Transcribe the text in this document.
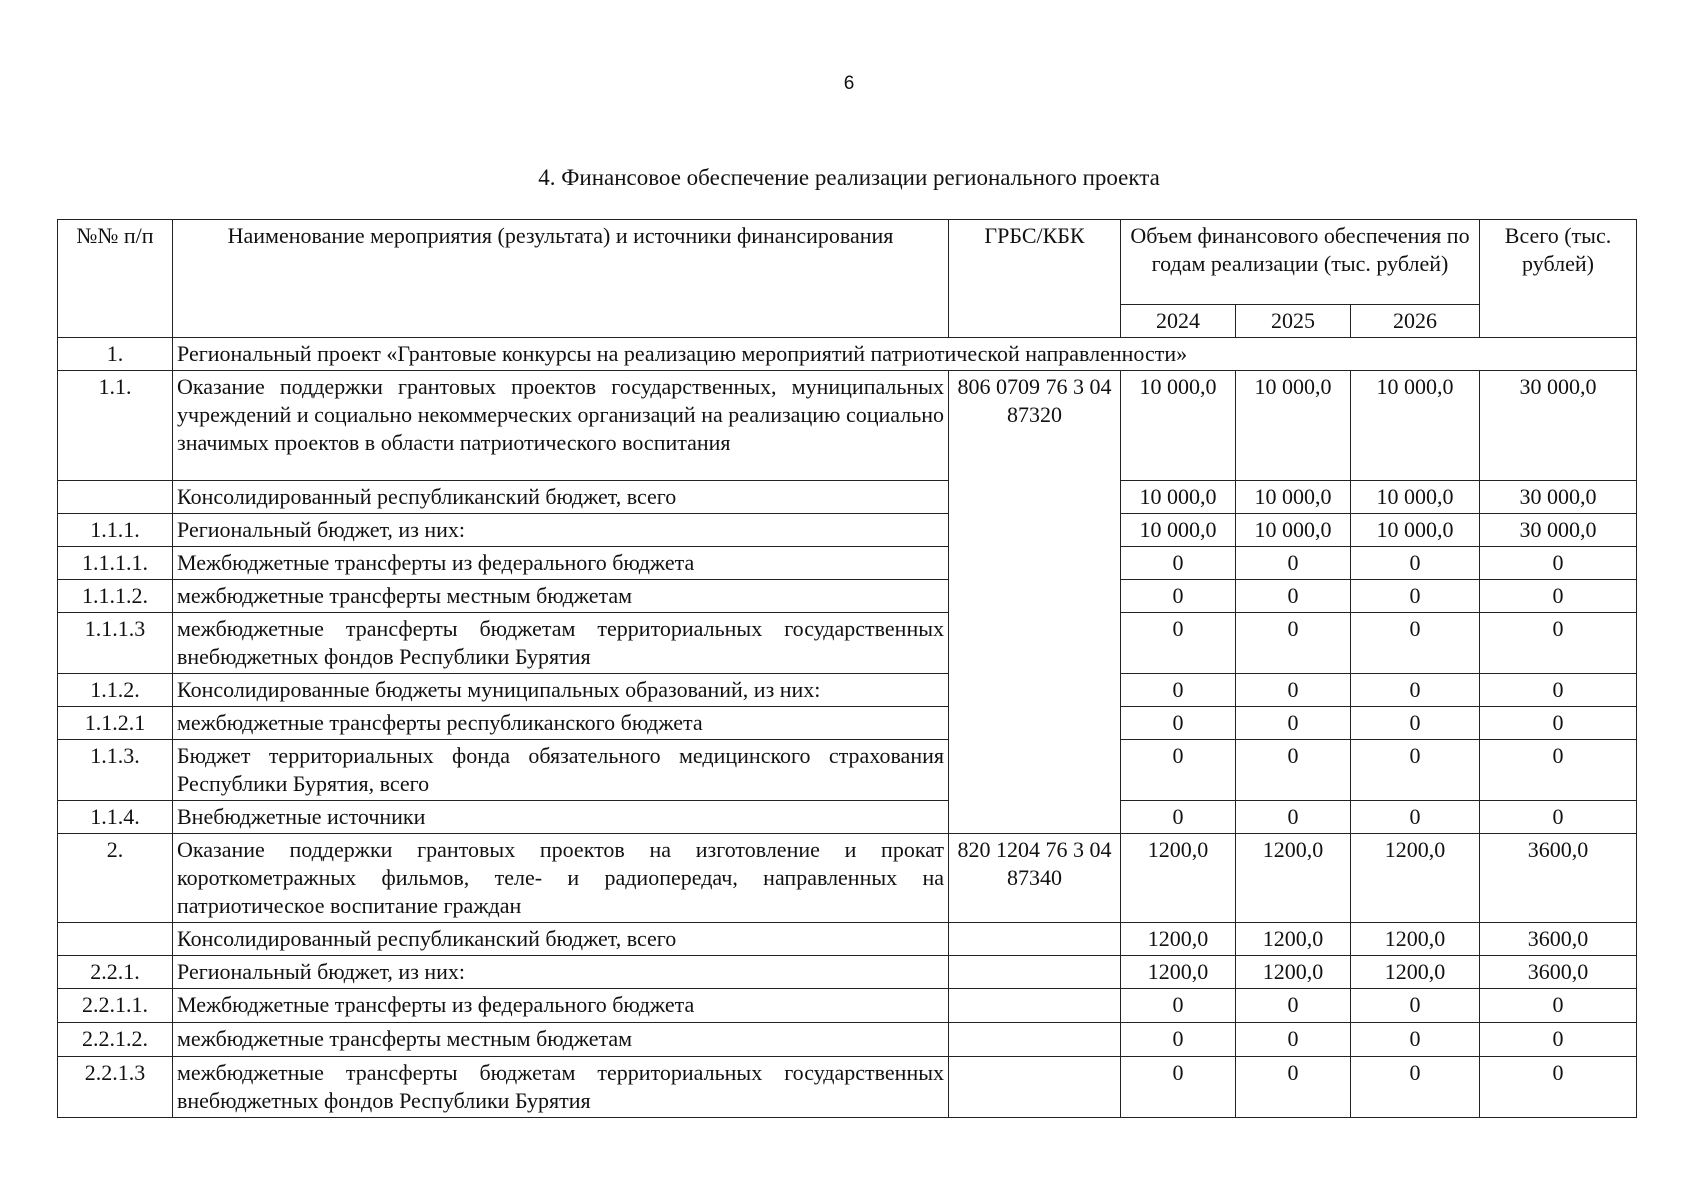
6
4. Финансовое обеспечение реализации регионального проекта
№№ п/п	Наименование мероприятия (результата) и источники финансирования	ГРБС/КБК	Объем финансового обеспечения по годам реализации (тыс. рублей)			Всего (тыс. рублей)
			2024	2025	2026	
1.	Региональный проект «Грантовые конкурсы на реализацию мероприятий патриотической направленности»					
1.1.	Оказание поддержки грантовых проектов государственных, муниципальных учреждений и социально некоммерческих организаций на реализацию социально значимых проектов в области патриотического воспитания	806 0709 76 3 04 87320	10 000,0	10 000,0	10 000,0	30 000,0
	Консолидированный республиканский бюджет, всего		10 000,0	10 000,0	10 000,0	30 000,0
1.1.1.	Региональный бюджет, из них:		10 000,0	10 000,0	10 000,0	30 000,0
1.1.1.1.	Межбюджетные трансферты из федерального бюджета		0	0	0	0
1.1.1.2.	межбюджетные трансферты местным бюджетам		0	0	0	0
1.1.1.3	межбюджетные трансферты бюджетам территориальных государственных внебюджетных фондов Республики Бурятия		0	0	0	0
1.1.2.	Консолидированные бюджеты муниципальных образований, из них:		0	0	0	0
1.1.2.1	межбюджетные трансферты республиканского бюджета		0	0	0	0
1.1.3.	Бюджет территориальных фонда обязательного медицинского страхования Республики Бурятия, всего		0	0	0	0
1.1.4.	Внебюджетные источники		0	0	0	0
2.	Оказание поддержки грантовых проектов на изготовление и прокат короткометражных фильмов, теле- и радиопередач, направленных на патриотическое воспитание граждан	820 1204 76 3 04 87340	1200,0	1200,0	1200,0	3600,0
	Консолидированный республиканский бюджет, всего		1200,0	1200,0	1200,0	3600,0
2.2.1.	Региональный бюджет, из них:		1200,0	1200,0	1200,0	3600,0
2.2.1.1.	Межбюджетные трансферты из федерального бюджета		0	0	0	0
2.2.1.2.	межбюджетные трансферты местным бюджетам		0	0	0	0
2.2.1.3	межбюджетные трансферты бюджетам территориальных государственных внебюджетных фондов Республики Бурятия		0	0	0	0
